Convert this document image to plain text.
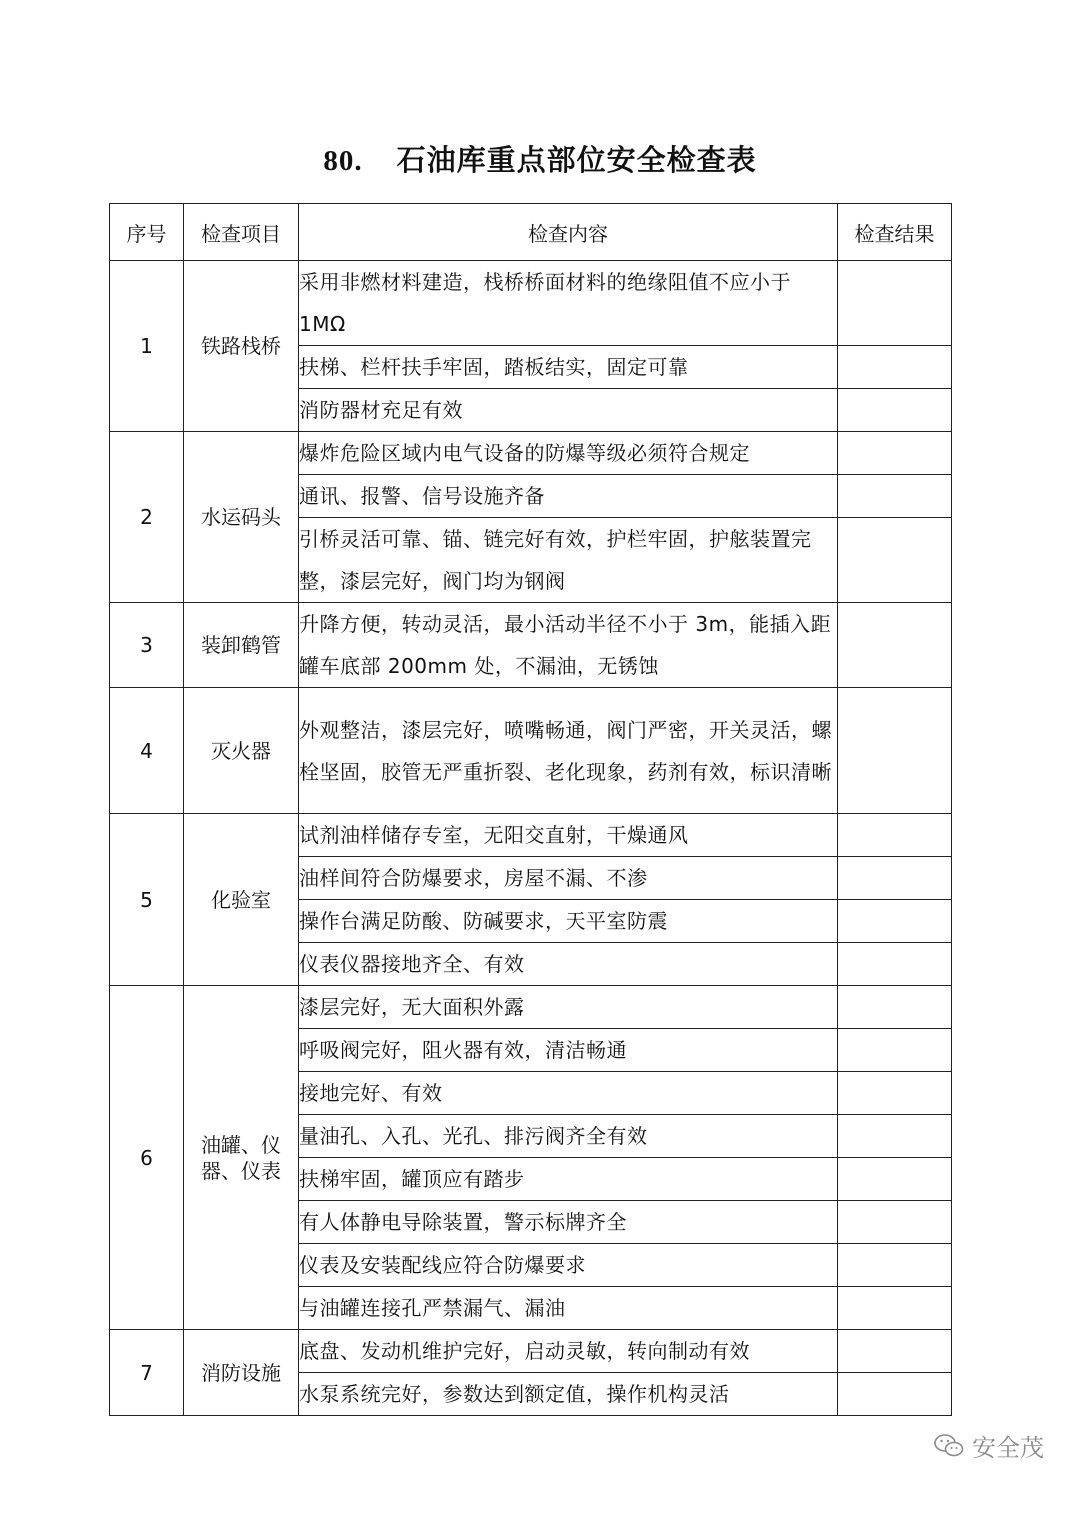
80. 石油库重点部位安全检查表
序号	检查项目	检查内容	检查结果
1	铁路栈桥	采用非燃材料建造，栈桥桥面材料的绝缘阻值不应小于 1MΩ	
		扶梯、栏杆扶手牢固，踏板结实，固定可靠	
		消防器材充足有效	
2	水运码头	爆炸危险区域内电气设备的防爆等级必须符合规定	
		通讯、报警、信号设施齐备	
		引桥灵活可靠、锚、链完好有效，护栏牢固，护舷装置完整，漆层完好，阀门均为钢阀	
3	装卸鹤管	升降方便，转动灵活，最小活动半径不小于 3m，能插入距罐车底部 200mm 处，不漏油，无锈蚀	
4	灭火器	外观整洁，漆层完好，喷嘴畅通，阀门严密，开关灵活，螺栓坚固，胶管无严重折裂、老化现象，药剂有效，标识清晰	
5	化验室	试剂油样储存专室，无阳交直射，干燥通风	
		油样间符合防爆要求，房屋不漏、不渗	
		操作台满足防酸、防碱要求，天平室防震	
		仪表仪器接地齐全、有效	
6	油罐、仪器、仪表	漆层完好，无大面积外露	
		呼吸阀完好，阻火器有效，清洁畅通	
		接地完好、有效	
		量油孔、入孔、光孔、排污阀齐全有效	
		扶梯牢固，罐顶应有踏步	
		有人体静电导除装置，警示标牌齐全	
		仪表及安装配线应符合防爆要求	
		与油罐连接孔严禁漏气、漏油	
7	消防设施	底盘、发动机维护完好，启动灵敏，转向制动有效	
		水泵系统完好，参数达到额定值，操作机构灵活	
安全茂
